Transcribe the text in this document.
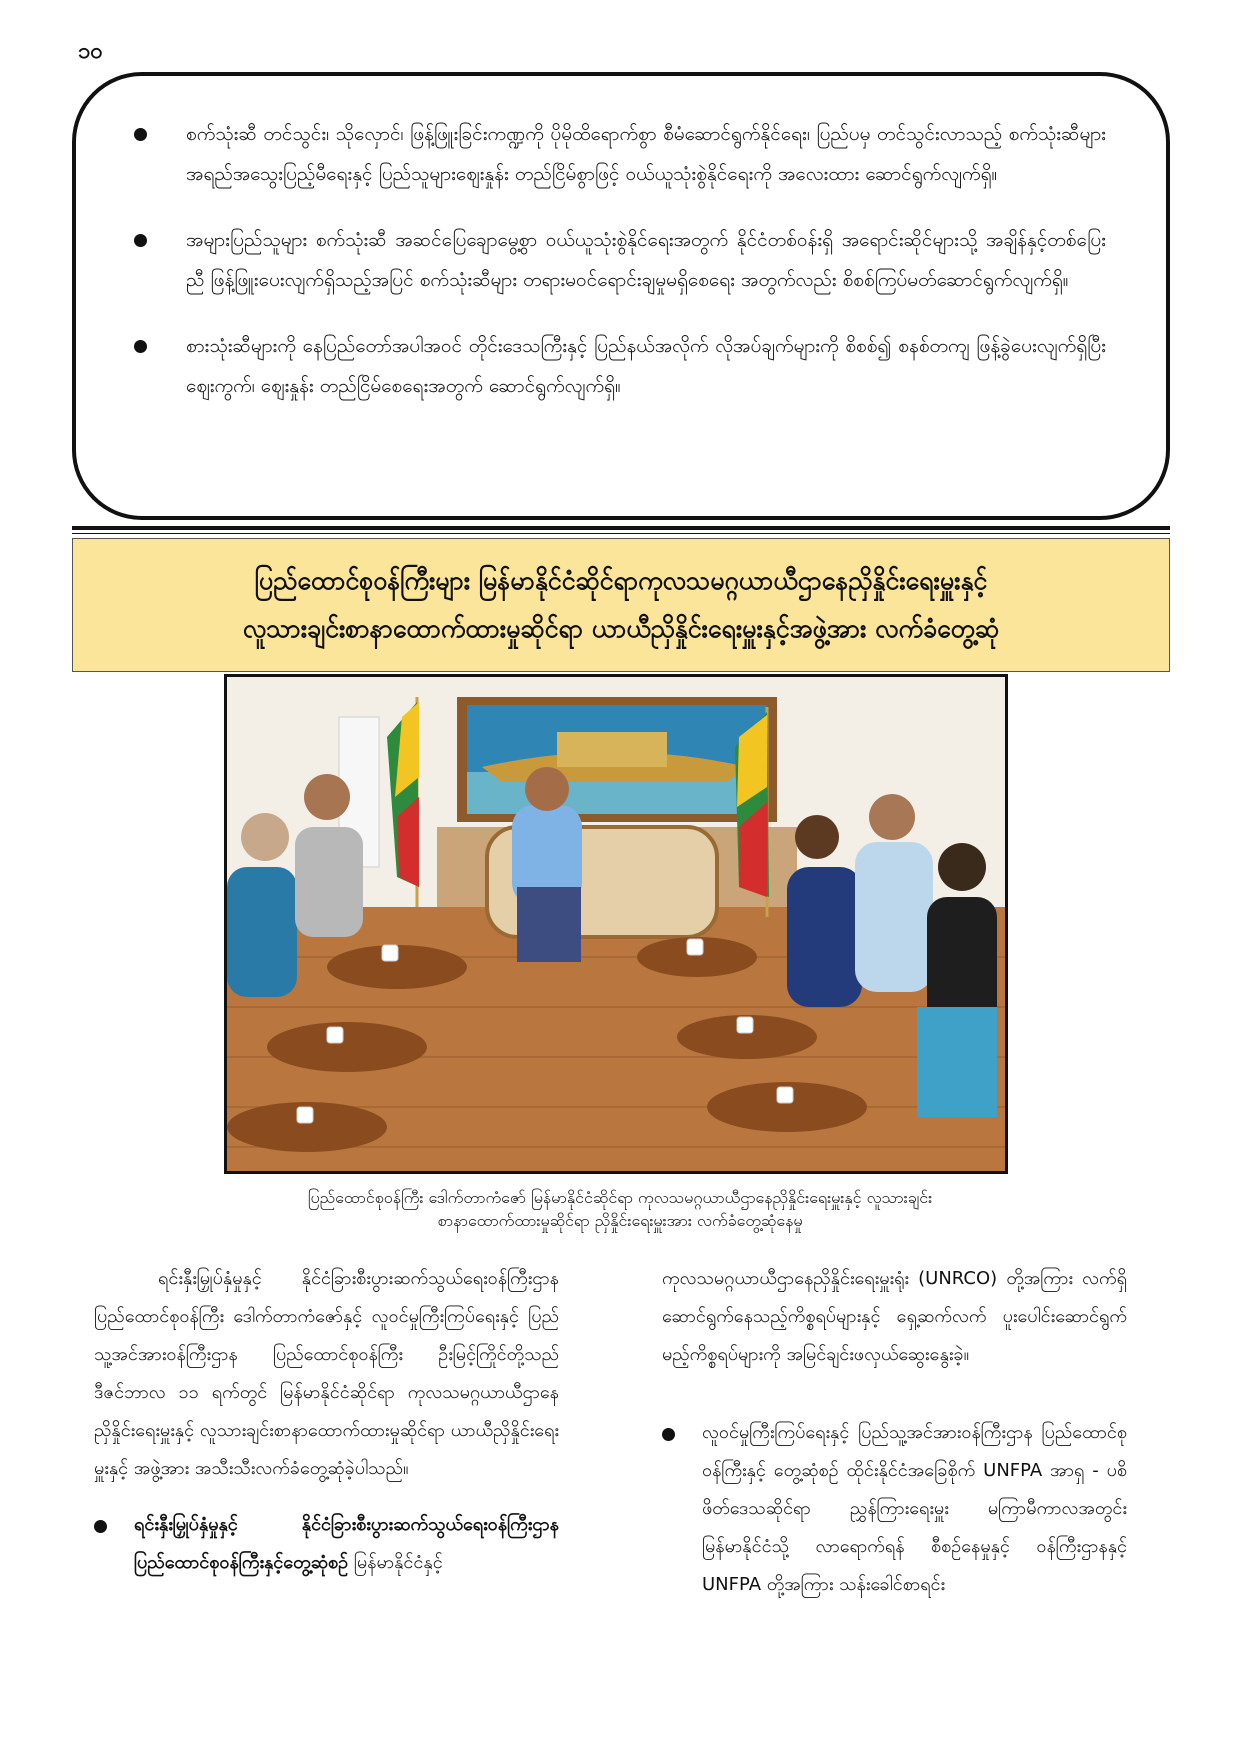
၁၀

စက်သုံးဆီ တင်သွင်း၊ သိုလှောင်၊ ဖြန့်ဖြူးခြင်းကဏ္ဍကို ပိုမိုထိရောက်စွာ စီမံဆောင်ရွက်နိုင်ရေး၊ ပြည်ပမှ တင်သွင်းလာသည့် စက်သုံးဆီများ အရည်အသွေးပြည့်မီရေးနှင့် ပြည်သူများဈေးနှုန်း တည်ငြိမ်စွာဖြင့် ဝယ်ယူသုံးစွဲနိုင်ရေးကို အလေးထား ဆောင်ရွက်လျက်ရှိ။

အများပြည်သူများ စက်သုံးဆီ အဆင်ပြေချောမွေ့စွာ ဝယ်ယူသုံးစွဲနိုင်ရေးအတွက် နိုင်ငံတစ်ဝန်းရှိ အရောင်းဆိုင်များသို့ အချိန်နှင့်တစ်ပြေးညီ ဖြန့်ဖြူးပေးလျက်ရှိသည့်အပြင် စက်သုံးဆီများ တရားမဝင်ရောင်းချမှုမရှိစေရေး အတွက်လည်း စိစစ်ကြပ်မတ်ဆောင်ရွက်လျက်ရှိ။

စားသုံးဆီများကို နေပြည်တော်အပါအဝင် တိုင်းဒေသကြီးနှင့် ပြည်နယ်အလိုက် လိုအပ်ချက်များကို စိစစ်၍ စနစ်တကျ ဖြန့်ခွဲပေးလျက်ရှိပြီး ဈေးကွက်၊ ဈေးနှုန်း တည်ငြိမ်စေရေးအတွက် ဆောင်ရွက်လျက်ရှိ။

ပြည်ထောင်စုဝန်ကြီးများ မြန်မာနိုင်ငံဆိုင်ရာကုလသမဂ္ဂယာယီဌာနေညှိနှိုင်းရေးမှူးနှင့်
လူသားချင်းစာနာထောက်ထားမှုဆိုင်ရာ ယာယီညှိနှိုင်းရေးမှူးနှင့်အဖွဲ့အား လက်ခံတွေ့ဆုံ
ပြည်ထောင်စုဝန်ကြီး ဒေါက်တာကံဇော် မြန်မာနိုင်ငံဆိုင်ရာ ကုလသမဂ္ဂယာယီဌာနေညှိနှိုင်းရေးမှူးနှင့် လူသားချင်း
စာနာထောက်ထားမှုဆိုင်ရာ ညှိနှိုင်းရေးမှူးအား လက်ခံတွေ့ဆုံနေမှု

ရင်းနှီးမြှုပ်နှံမှုနှင့် နိုင်ငံခြားစီးပွားဆက်သွယ်ရေးဝန်ကြီးဌာန ပြည်ထောင်စုဝန်ကြီး ဒေါက်တာကံဇော်နှင့် လူဝင်မှုကြီးကြပ်ရေးနှင့် ပြည်သူ့အင်အားဝန်ကြီးဌာန ပြည်ထောင်စုဝန်ကြီး ဦးမြင့်ကြိုင်တို့သည် ဒီဇင်ဘာလ ၁၁ ရက်တွင် မြန်မာနိုင်ငံဆိုင်ရာ ကုလသမဂ္ဂယာယီဌာနေညှိနှိုင်းရေးမှူးနှင့် လူသားချင်းစာနာထောက်ထားမှုဆိုင်ရာ ယာယီညှိနှိုင်းရေးမှူးနှင့် အဖွဲ့အား အသီးသီးလက်ခံတွေ့ဆုံခဲ့ပါသည်။

ရင်းနှီးမြှုပ်နှံမှုနှင့် နိုင်ငံခြားစီးပွားဆက်သွယ်ရေးဝန်ကြီးဌာန ပြည်ထောင်စုဝန်ကြီးနှင့်တွေ့ဆုံစဉ် မြန်မာနိုင်ငံနှင့်

ကုလသမဂ္ဂယာယီဌာနေညှိနှိုင်းရေးမှူးရုံး (UNRCO) တို့အကြား လက်ရှိဆောင်ရွက်နေသည့်ကိစ္စရပ်များနှင့် ရှေ့ဆက်လက် ပူးပေါင်းဆောင်ရွက်မည့်ကိစ္စရပ်များကို အမြင်ချင်းဖလှယ်ဆွေးနွေးခဲ့။

လူဝင်မှုကြီးကြပ်ရေးနှင့် ပြည်သူ့အင်အားဝန်ကြီးဌာန ပြည်ထောင်စုဝန်ကြီးနှင့် တွေ့ဆုံစဉ် ထိုင်းနိုင်ငံအခြေစိုက် UNFPA အာရှ - ပစိဖိတ်ဒေသဆိုင်ရာ ညွှန်ကြားရေးမှူး မကြာမီကာလအတွင်း မြန်မာနိုင်ငံသို့ လာရောက်ရန် စီစဉ်နေမှုနှင့် ဝန်ကြီးဌာနနှင့် UNFPA တို့အကြား သန်းခေါင်စာရင်း
